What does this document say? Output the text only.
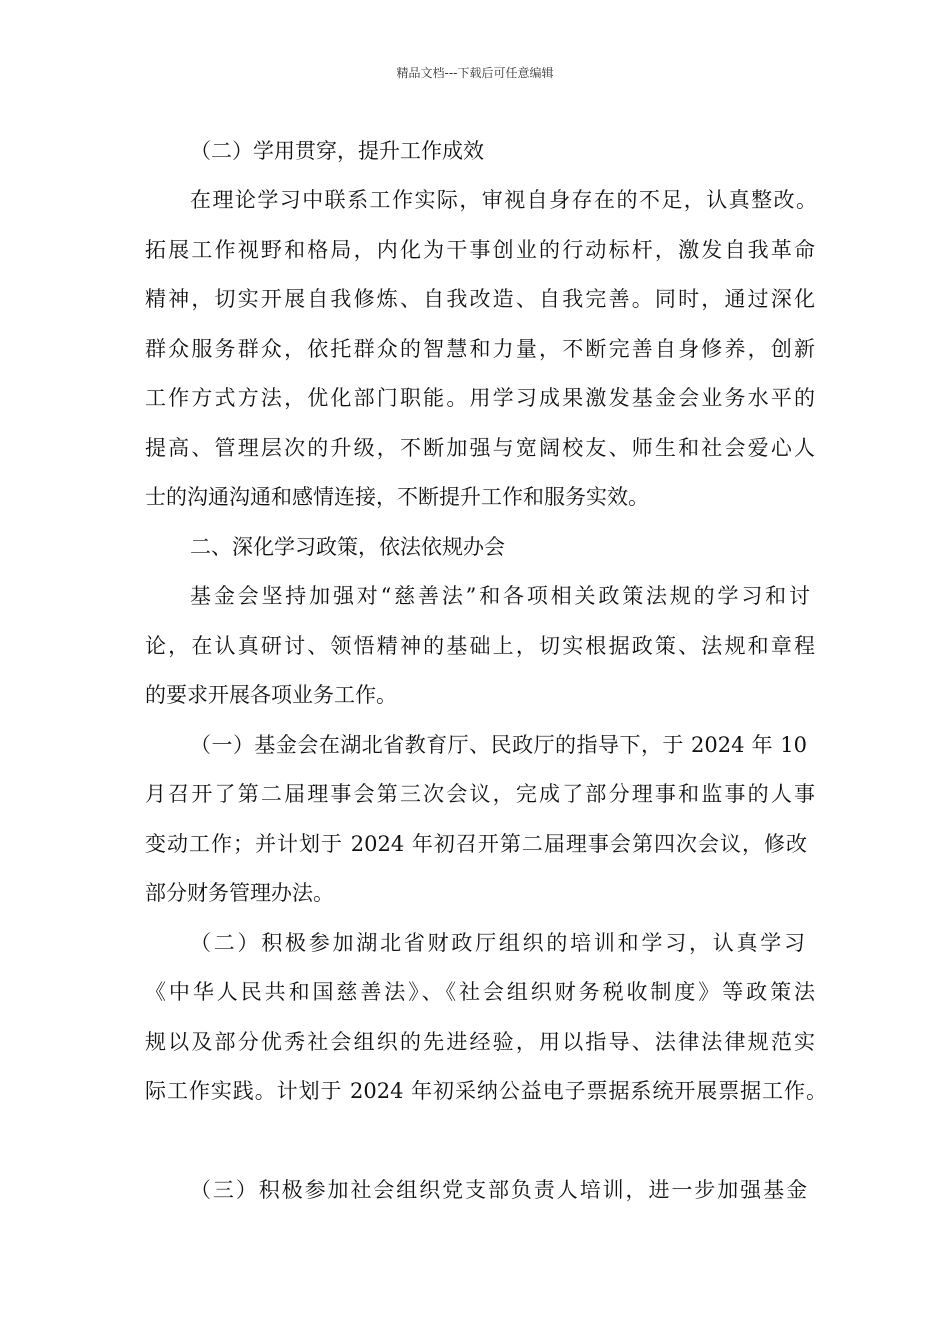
精品文档---下载后可任意编辑
（二）学用贯穿，提升工作成效
在理论学习中联系工作实际，审视自身存在的不足，认真整改。
拓展工作视野和格局，内化为干事创业的行动标杆，激发自我革命
精神，切实开展自我修炼、自我改造、自我完善。同时，通过深化
群众服务群众，依托群众的智慧和力量，不断完善自身修养，创新
工作方式方法，优化部门职能。用学习成果激发基金会业务水平的
提高、管理层次的升级，不断加强与宽阔校友、师生和社会爱心人
士的沟通沟通和感情连接，不断提升工作和服务实效。
二、深化学习政策，依法依规办会
基金会坚持加强对“慈善法”和各项相关政策法规的学习和讨
论，在认真研讨、领悟精神的基础上，切实根据政策、法规和章程
的要求开展各项业务工作。
（一）基金会在湖北省教育厅、民政厅的指导下，于 2024 年 10
月召开了第二届理事会第三次会议，完成了部分理事和监事的人事
变动工作；并计划于 2024 年初召开第二届理事会第四次会议，修改
部分财务管理办法。
（二）积极参加湖北省财政厅组织的培训和学习，认真学习
《中华人民共和国慈善法》、《社会组织财务税收制度》等政策法
规以及部分优秀社会组织的先进经验，用以指导、法律法律规范实
际工作实践。计划于 2024 年初采纳公益电子票据系统开展票据工作。
（三）积极参加社会组织党支部负责人培训，进一步加强基金
